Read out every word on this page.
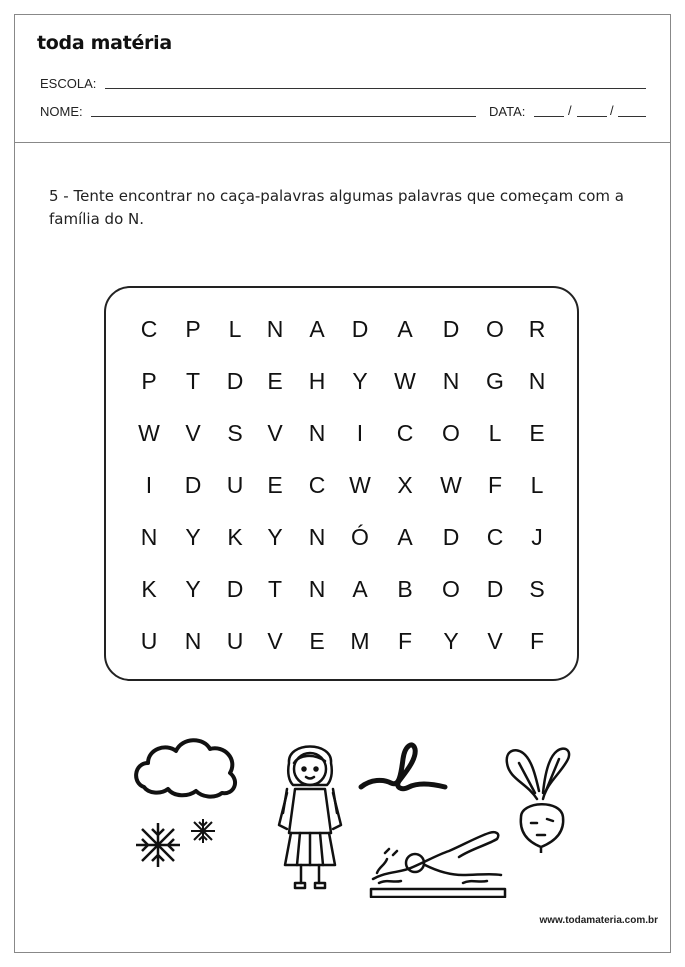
toda matéria
ESCOLA:
NOME:	DATA:	/	/
5 - Tente encontrar no caça-palavras algumas palavras que começam com a família do N.
C	P	L	N	A	D	A	D	O	R
P	T	D	E	H	Y	W	N	G	N
W	V	S	V	N	I	C	O	L	E
I	D	U	E	C	W	X	W	F	L
N	Y	K	Y	N	Ó	A	D	C	J
K	Y	D	T	N	A	B	O	D	S
U	N	U	V	E	M	F	Y	V	F
www.todamateria.com.br
